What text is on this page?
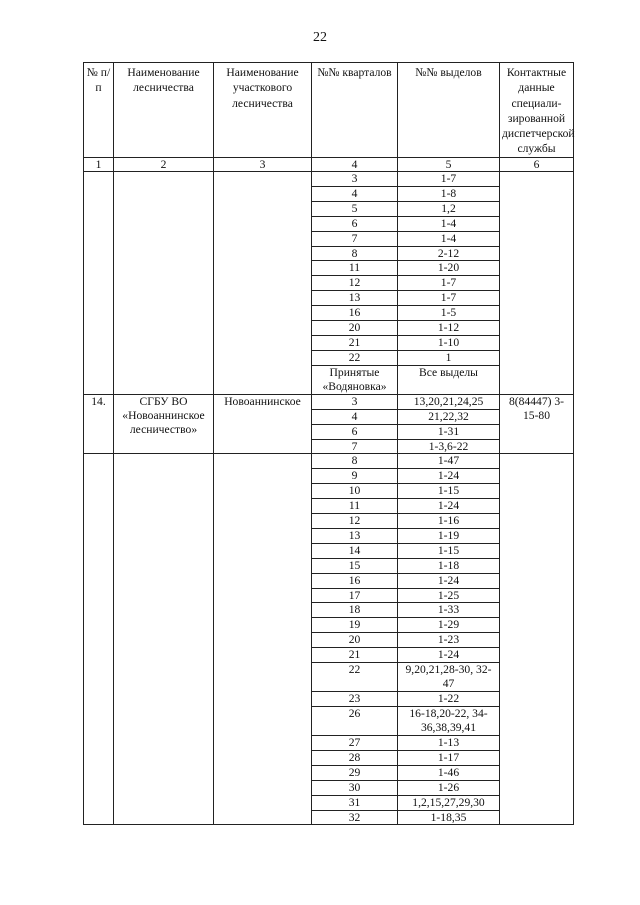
22
№ п/п	Наименование лесничества	Наименование участкового лесничества	№№ кварталов	№№ выделов	Контактные данные специали-зированной диспетчерской службы
1	2	3	4	5	6
			3	1-7	
			4	1-8	
			5	1,2	
			6	1-4	
			7	1-4	
			8	2-12	
			11	1-20	
			12	1-7	
			13	1-7	
			16	1-5	
			20	1-12	
			21	1-10	
			22	1	
			Принятые «Водяновка»	Все выделы	
14.	СГБУ ВО «Новоаннинское лесничество»	Новоаннинское	3	13,20,21,24,25	8(84447) 3-15-80
			4	21,22,32	
			6	1-31	
			7	1-3,6-22	
			8	1-47	
			9	1-24	
			10	1-15	
			11	1-24	
			12	1-16	
			13	1-19	
			14	1-15	
			15	1-18	
			16	1-24	
			17	1-25	
			18	1-33	
			19	1-29	
			20	1-23	
			21	1-24	
			22	9,20,21,28-30, 32-47	
			23	1-22	
			26	16-18,20-22, 34-36,38,39,41	
			27	1-13	
			28	1-17	
			29	1-46	
			30	1-26	
			31	1,2,15,27,29,30	
			32	1-18,35	
